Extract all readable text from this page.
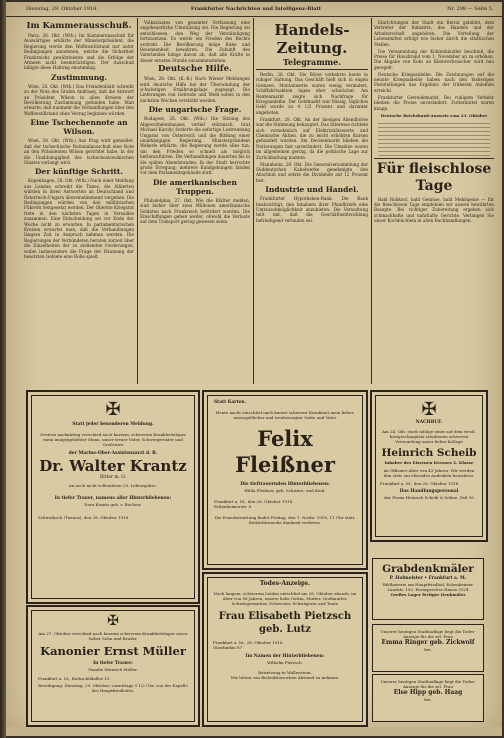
Dienstag, 29. Oktober 1918.	Frankfurter Nachrichten und Intelligenz-Blatt	Nr. 298 — Seite 5
Im Kammerausschuß.

Paris, 28. Okt. (Wtb.) Im Kammerausschuß für Auswärtiges erklärte der Ministerpräsident, die Regierung werde den Waffenstillstand nur unter Bedingungen annehmen, welche die Sicherheit Frankreichs gewährleisten und die Erfolge der Armeen nicht beeinträchtigen. Der Ausschuß billigte diese Haltung einstimmig.

Zustimmung.

Wien, 28. Okt. (Wtb.) Das Fremdenblatt schreibt zu der Note des Grafen Andrassy, daß die Antwort an Präsident Wilson in allen Kreisen der Bevölkerung Zustimmung gefunden habe. Man erwarte, daß nunmehr die Verhandlungen über den Waffenstillstand ohne Verzug beginnen würden.

Eine Tschechennote an Wilson.

Wien, 28. Okt. (Wtb.) Aus Prag wird gemeldet, daß der tschechische Nationalausschuß eine Note an den Präsidenten Wilson gerichtet habe, in der die Unabhängigkeit des tschechoslowakischen Staates verlangt wird.

Der künftige Schritt.

Kopenhagen, 28. Okt. (Wtb.) Nach einer Meldung aus London schreibt die Times, die Alliierten würden in ihren Antworten an Deutschland und Österreich-Ungarn übereinstimmend vorgehen. Die Bedingungen würden von den militärischen Führern festgesetzt werden. Der Oberste Kriegsrat trete in den nächsten Tagen in Versailles zusammen. Eine Entscheidung sei vor Ende der Woche nicht zu erwarten. In parlamentarischen Kreisen erwartet man, daß die Verhandlungen längere Zeit in Anspruch nehmen werden. Die Regierungen der Verbündeten beraten zurzeit über die Einzelheiten der zu stellenden Forderungen, wobei insbesondere die Frage der Räumung der besetzten Gebiete eine Rolle spielt.

Volksstaates von gesamter Verfassung eine ungeheuerliche Umwälzung sei. Die Regierung sei entschlossen, den Weg der Verständigung fortzusetzen. Es werde ein Frieden des Rechts erstrebt. Die Bevölkerung möge Ruhe und Besonnenheit bewahren. Die Zukunft des Vaterlandes hänge davon ab, daß alle Kräfte in dieser ernsten Stunde zusammenstehen.

Deutsche Hilfe.

Wien, 28. Okt. (K.-B.) Nach Wiener Meldungen wird deutsche Hilfe bei der Überwindung der schwierigen Ernährungslage zugesagt. Die Lieferungen von Getreide und Mehl sollen in den nächsten Wochen verstärkt werden.

Die ungarische Frage.

Budapest, 28. Okt. (Wtb.) Die Sitzung des Abgeordnetenhauses verlief stürmisch. Graf Michael Karolyi forderte die sofortige Lostrennung Ungarns von Österreich und die Bildung einer unabhängigen Regierung. Ministerpräsident Wekerle erklärte, die Regierung werde alles tun, um den Frieden so schnell als möglich herbeizuführen. Die Verhandlungen dauerten bis in die späten Abendstunden. In der Stadt herrschte große Erregung; mehrere Kundgebungen fanden vor dem Parlamentsgebäude statt.

Die amerikanischen Truppen.

Philadelphia, 27. Okt. Wie die Blätter melden, sind bisher über zwei Millionen amerikanische Soldaten nach Frankreich befördert worden. Die Einschiffungen gehen weiter, obwohl die Verluste auf dem Transport gering gewesen seien.

Handels-Zeitung.
Telegramme.

Berlin, 28. Okt. Die Börse verkehrte heute in ruhiger Haltung. Das Geschäft hielt sich in engen Grenzen. Montanwerte waren wenig verändert, Schiffahrtsaktien lagen eher schwächer. Am Rentenmarkt zeigte sich Nachfrage für Kriegsanleihe. Der Geldmarkt war flüssig, tägliches Geld wurde zu 4 1/2 Prozent und darunter angeboten.

Frankfurt, 28. Okt. An der hiesigen Abendbörse war die Stimmung behauptet. Das Interesse richtete sich vornehmlich auf Elektrizitätswerte und Chemische Aktien, die zu leicht erhöhten Kursen gehandelt wurden. Am Devisenmarkt blieben die Notierungen fast unverändert. Die Umsätze waren im allgemeinen gering, da die politische Lage zur Zurückhaltung mahnte.

Mannheim, 28. Okt. Die Generalversammlung der Süddeutschen Kabelwerke genehmigte den Abschluß und setzte die Dividende auf 12 Prozent fest.

Industrie und Handel.

Frankfurter Hypotheken-Bank. Die Bank beabsichtigt, den Inhabern ihrer Pfandbriefe eine Umtauschmöglichkeit anzubieten. Die Verwaltung teilt mit, daß die Geschäftsentwicklung befriedigend verlaufen sei.

Einrichtungen der Stadt ein Beirat gebildet, dem Vertreter der Industrie, des Handels und der Arbeiterschaft angehören. Die Verteilung der Lebensmittel erfolgt wie bisher durch die städtischen Stellen.

Die Versammlung der Kohlenhändler beschloß, die Preise für Hausbrand vom 1. November an zu erhöhen. Die Abgabe von Koks an Kleinverbraucher wird neu geregelt.

Deutsche Kriegsanleihe. Die Zeichnungen auf die neunte Kriegsanleihe haben nach den bisherigen Feststellungen das Ergebnis der früheren Anleihen erreicht.

Frankfurter Getreidemarkt. Bei ruhigem Verkehr blieben die Preise unverändert. Futtermittel waren knapp.

Deutsche Reichsbank-Ausweis vom 23. Oktober
Für fleischlose Tage

Bald Rohkost, bald Gemüse, bald Mehlspeise — für die fleischlosen Tage empfehlen wir unsere bewährten Rezepte. Bei richtiger Zubereitung ergeben sich schmackhafte und nahrhafte Gerichte. Verlangen Sie unser Kochbüchlein in allen Buchhandlungen.

✠
Statt jeder besonderen Meldung.
Gestern nachmittag verschied nach kurzem, schwerem Krankheitslager mein innigstgeliebter Mann, unser treuer Vater, Schwiegervater und Großvater
der Marine-Ober-Assistenzarzt d. R.
Dr. Walter Krantz
Ritter m. O.
im noch nicht vollendeten 29. Lebensjahre.
In tiefer Trauer, namens aller Hinterbliebenen:
Dora Krantz geb. v. Rochow.
Schwalbach (Taunus), den 28. Oktober 1918.
Statt Karten.
Heute nacht entschlief nach kurzer schwerer Krankheit mein lieber, unvergeßlicher und treubesorgter Gatte und Vater
Felix Fleißner
Die tieftrauernden Hinterbliebenen:
Hilda Fleißner, geb. Schwarz, und Kind.
Frankfurt a. M., den 28. Oktober 1918.
Eckenheimerstr. 8
Die Feuerbestattung findet Freitag, den 1. Novbr. 1918, 11 Uhr statt.
Beileidsbesuche dankend verbeten.
✠
NACHRUF.
Am 24. Okt. starb infolge einer auf dem westl. Kriegsschauplatz erhaltenen schweren Verwundung unser lieber Kollege
Heinrich Scheib
Inhaber des Eisernen Kreuzes 2. Klasse
im Offiziers-Alter von 43 Jahren. Wir werden ihm stets ein ehrendes Andenken bewahren.
Frankfurt a. M., den 28. Oktober 1918.
Das Handlungspersonal
der Firma Heinrich Scheib & Söhne, Zeil 99
Grabdenkmäler
P. Holmeister • Frankfurt a. M.
Bildhauerei am Hauptfriedhof, Eckenheimer Landstr. 192, Fernsprecher Hansa 5124
Großes Lager fertiger Denkmäler
✠
Am 27. Oktober verschied nach kurzem schwerem Krankheitslager unser lieber Sohn und Bruder
Kanonier Ernst Müller
In tiefer Trauer:
Familie Heinrich Müller.
Frankfurt a. M., Rothschildallee 15.
Beerdigung: Dienstag, 29. Oktober, vormittags 9 1/2 Uhr, von der Kapelle des Hauptfriedhofes.
Todes-Anzeige.
Nach langem, schwerem Leiden entschlief am 28. Oktober abends, im Alter von 56 Jahren, unsere liebe Gattin, Mutter, Großmutter, Schwiegermutter, Schwester, Schwägerin und Tante
Frau Elisabeth Pietzsch geb. Lutz
Frankfurt a. M., 28. Oktober 1918.
Oberlindau 87
Im Namen der Hinterbliebenen:
Wilhelm Pietzsch.
Beisetzung in Wallenstein.
Wir bitten von Beileidsbesuchen Abstand zu nehmen.
Unserer heutigen Stadtauflage liegt die Todes-Anzeige für die sel. Frau
Emma Ringer geb. Zickwolf
bei.
Unserer heutigen Stadtauflage liegt die Todes-Anzeige für die sel. Frau
Else Hipp geb. Haag
bei.
